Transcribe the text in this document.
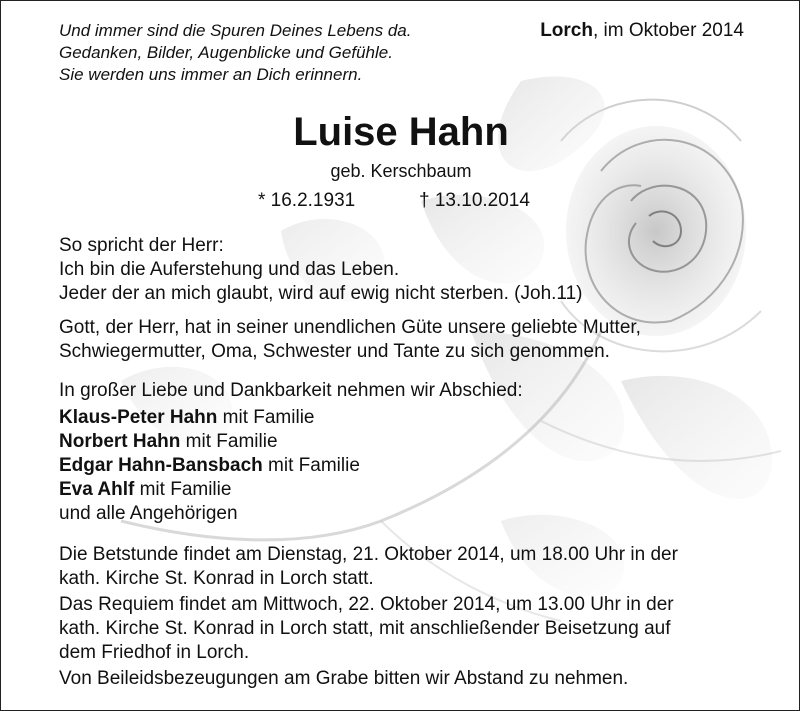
Und immer sind die Spuren Deines Lebens da.
Gedanken, Bilder, Augenblicke und Gefühle.
Sie werden uns immer an Dich erinnern.
Lorch, im Oktober 2014
Luise Hahn
geb. Kerschbaum
* 16.2.1931	† 13.10.2014
So spricht der Herr:
Ich bin die Auferstehung und das Leben.
Jeder der an mich glaubt, wird auf ewig nicht sterben. (Joh.11)
Gott, der Herr, hat in seiner unendlichen Güte unsere geliebte Mutter,
Schwiegermutter, Oma, Schwester und Tante zu sich genommen.
In großer Liebe und Dankbarkeit nehmen wir Abschied:
Klaus-Peter Hahn mit Familie
Norbert Hahn mit Familie
Edgar Hahn-Bansbach mit Familie
Eva Ahlf mit Familie
und alle Angehörigen
Die Betstunde findet am Dienstag, 21. Oktober 2014, um 18.00 Uhr in der
kath. Kirche St. Konrad in Lorch statt.
Das Requiem findet am Mittwoch, 22. Oktober 2014, um 13.00 Uhr in der
kath. Kirche St. Konrad in Lorch statt, mit anschließender Beisetzung auf
dem Friedhof in Lorch.
Von Beileidsbezeugungen am Grabe bitten wir Abstand zu nehmen.
